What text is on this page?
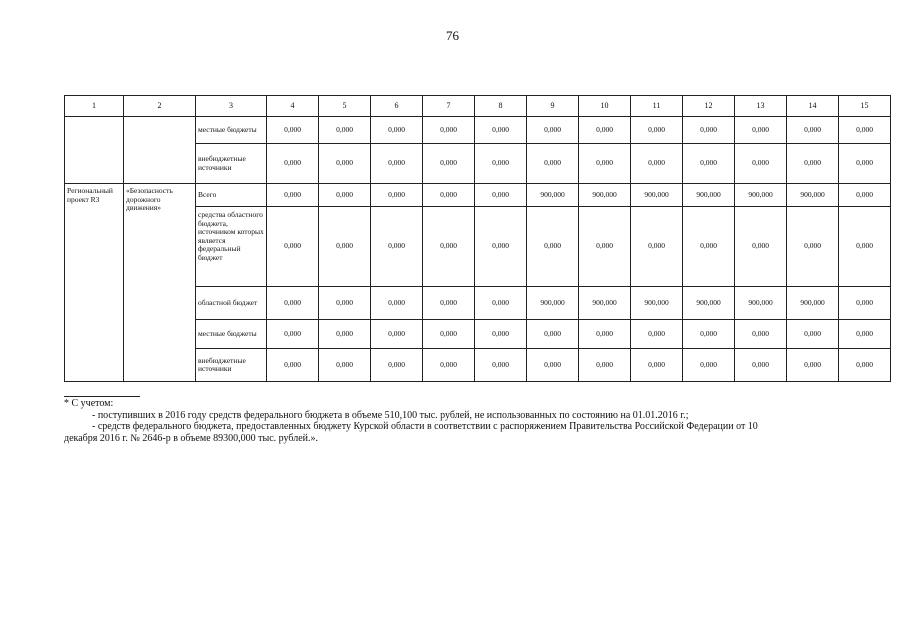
76
1	2	3	4	5	6	7	8	9	10	11	12	13	14	15
		местные бюджеты	0,000	0,000	0,000	0,000	0,000	0,000	0,000	0,000	0,000	0,000	0,000	0,000
		внебюджетные источники	0,000	0,000	0,000	0,000	0,000	0,000	0,000	0,000	0,000	0,000	0,000	0,000
Региональный проект R3	«Безопасность дорожного движения»	Всего	0,000	0,000	0,000	0,000	0,000	900,000	900,000	900,000	900,000	900,000	900,000	0,000
		средства областного бюджета, источником которых является федеральный бюджет	0,000	0,000	0,000	0,000	0,000	0,000	0,000	0,000	0,000	0,000	0,000	0,000
		областной бюджет	0,000	0,000	0,000	0,000	0,000	900,000	900,000	900,000	900,000	900,000	900,000	0,000
		местные бюджеты	0,000	0,000	0,000	0,000	0,000	0,000	0,000	0,000	0,000	0,000	0,000	0,000
		внебюджетные источники	0,000	0,000	0,000	0,000	0,000	0,000	0,000	0,000	0,000	0,000	0,000	0,000
* С учетом:
- поступивших в 2016 году средств федерального бюджета в объеме 510,100 тыс. рублей, не использованных по состоянию на 01.01.2016 г.;
- средств федерального бюджета, предоставленных бюджету Курской области в соответствии с распоряжением Правительства Российской Федерации от 10
декабря 2016 г. № 2646-р в объеме 89300,000 тыс. рублей.».
